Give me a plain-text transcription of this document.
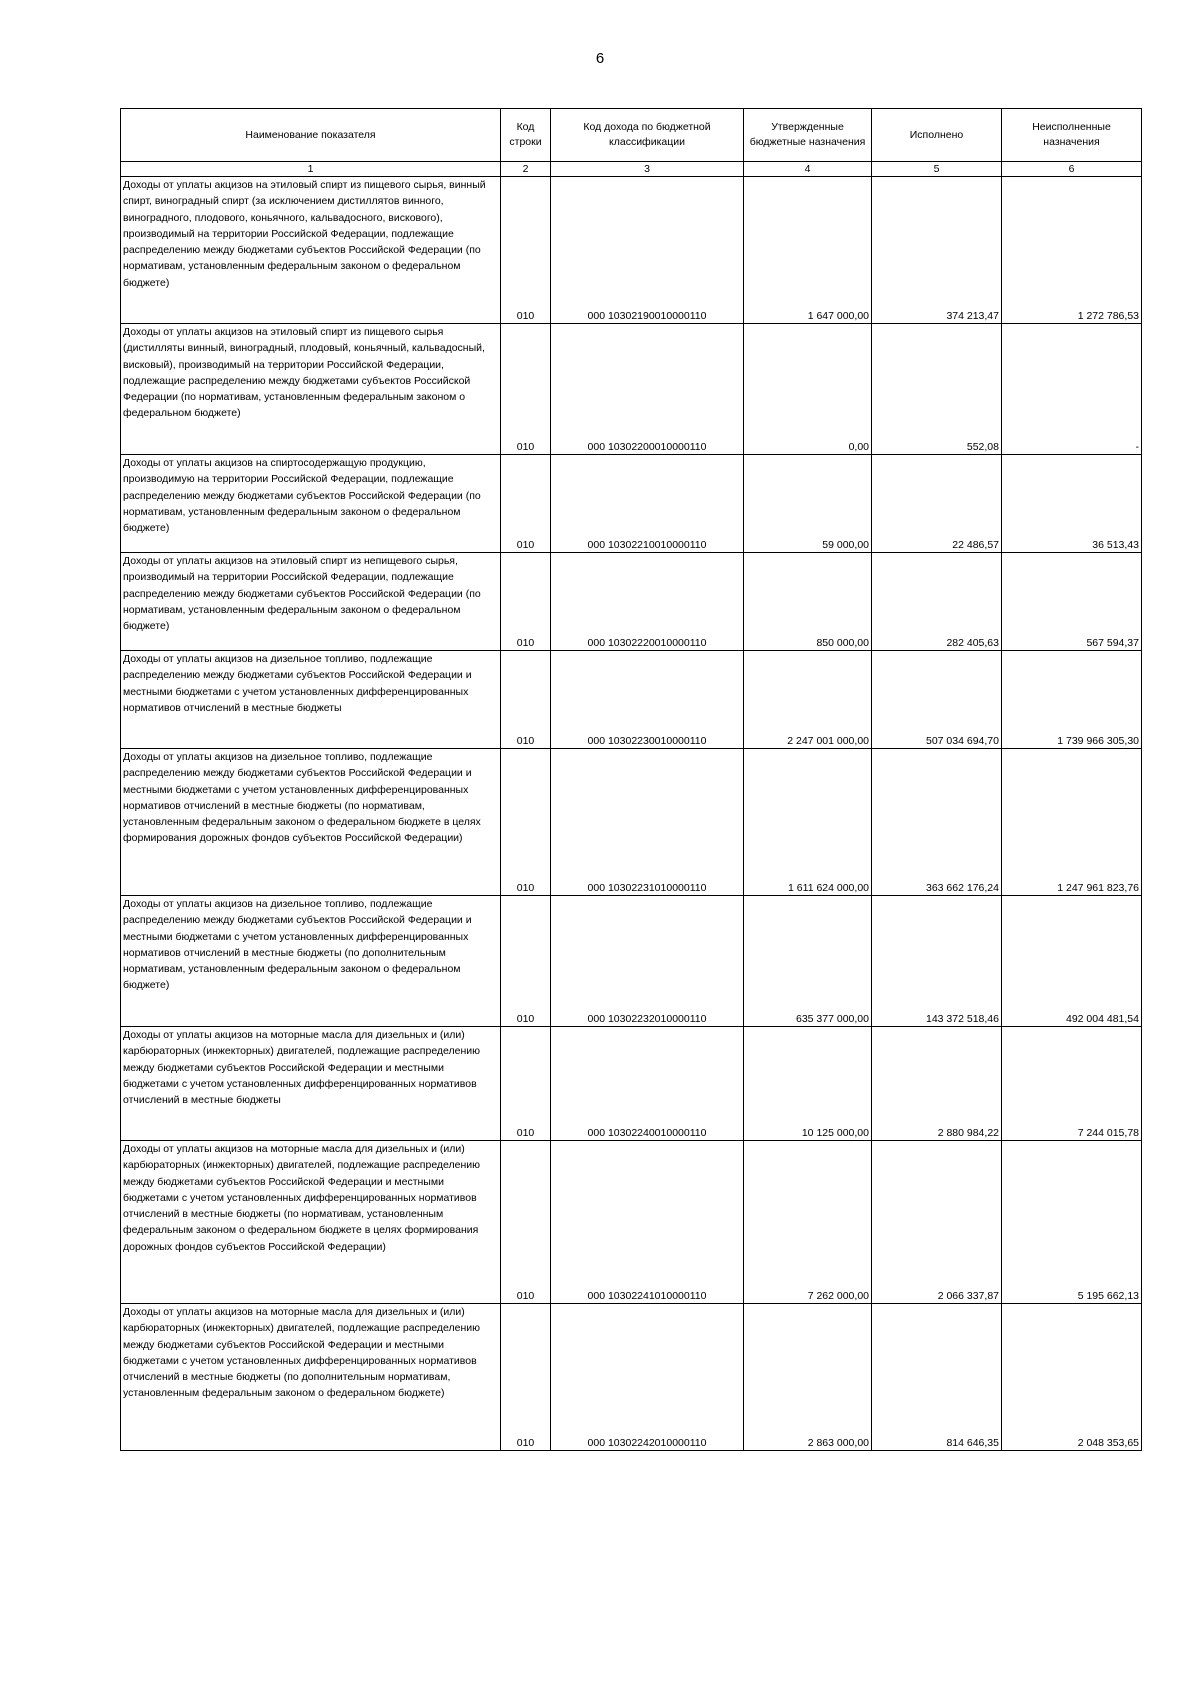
6
Наименование показателя	Код строки	Код дохода по бюджетной классификации	Утвержденные бюджетные назначения	Исполнено	Неисполненные назначения
1	2	3	4	5	6
Доходы от уплаты акцизов на этиловый спирт из пищевого сырья, винный спирт, виноградный спирт (за исключением дистиллятов винного, виноградного, плодового, коньячного, кальвадосного, вискового), производимый на территории Российской Федерации, подлежащие распределению между бюджетами субъектов Российской Федерации (по нормативам, установленным федеральным законом о федеральном бюджете)	010	000 10302190010000110	1 647 000,00	374 213,47	1 272 786,53
Доходы от уплаты акцизов на этиловый спирт из пищевого сырья (дистилляты винный, виноградный, плодовый, коньячный, кальвадосный, висковый), производимый на территории Российской Федерации, подлежащие распределению между бюджетами субъектов Российской Федерации (по нормативам, установленным федеральным законом о федеральном бюджете)	010	000 10302200010000110	0,00	552,08	-
Доходы от уплаты акцизов на спиртосодержащую продукцию, производимую на территории Российской Федерации, подлежащие распределению между бюджетами субъектов Российской Федерации (по нормативам, установленным федеральным законом о федеральном бюджете)	010	000 10302210010000110	59 000,00	22 486,57	36 513,43
Доходы от уплаты акцизов на этиловый спирт из непищевого сырья, производимый на территории Российской Федерации, подлежащие распределению между бюджетами субъектов Российской Федерации (по нормативам, установленным федеральным законом о федеральном бюджете)	010	000 10302220010000110	850 000,00	282 405,63	567 594,37
Доходы от уплаты акцизов на дизельное топливо, подлежащие распределению между бюджетами субъектов Российской Федерации и местными бюджетами с учетом установленных дифференцированных нормативов отчислений в местные бюджеты	010	000 10302230010000110	2 247 001 000,00	507 034 694,70	1 739 966 305,30
Доходы от уплаты акцизов на дизельное топливо, подлежащие распределению между бюджетами субъектов Российской Федерации и местными бюджетами с учетом установленных дифференцированных нормативов отчислений в местные бюджеты (по нормативам, установленным федеральным законом о федеральном бюджете в целях формирования дорожных фондов субъектов Российской Федерации)	010	000 10302231010000110	1 611 624 000,00	363 662 176,24	1 247 961 823,76
Доходы от уплаты акцизов на дизельное топливо, подлежащие распределению между бюджетами субъектов Российской Федерации и местными бюджетами с учетом установленных дифференцированных нормативов отчислений в местные бюджеты (по дополнительным нормативам, установленным федеральным законом о федеральном бюджете)	010	000 10302232010000110	635 377 000,00	143 372 518,46	492 004 481,54
Доходы от уплаты акцизов на моторные масла для дизельных и (или) карбюраторных (инжекторных) двигателей, подлежащие распределению между бюджетами субъектов Российской Федерации и местными бюджетами с учетом установленных дифференцированных нормативов отчислений в местные бюджеты	010	000 10302240010000110	10 125 000,00	2 880 984,22	7 244 015,78
Доходы от уплаты акцизов на моторные масла для дизельных и (или) карбюраторных (инжекторных) двигателей, подлежащие распределению между бюджетами субъектов Российской Федерации и местными бюджетами с учетом установленных дифференцированных нормативов отчислений в местные бюджеты (по нормативам, установленным федеральным законом о федеральном бюджете в целях формирования дорожных фондов субъектов Российской Федерации)	010	000 10302241010000110	7 262 000,00	2 066 337,87	5 195 662,13
Доходы от уплаты акцизов на моторные масла для дизельных и (или) карбюраторных (инжекторных) двигателей, подлежащие распределению между бюджетами субъектов Российской Федерации и местными бюджетами с учетом установленных дифференцированных нормативов отчислений в местные бюджеты (по дополнительным нормативам, установленным федеральным законом о федеральном бюджете)	010	000 10302242010000110	2 863 000,00	814 646,35	2 048 353,65
